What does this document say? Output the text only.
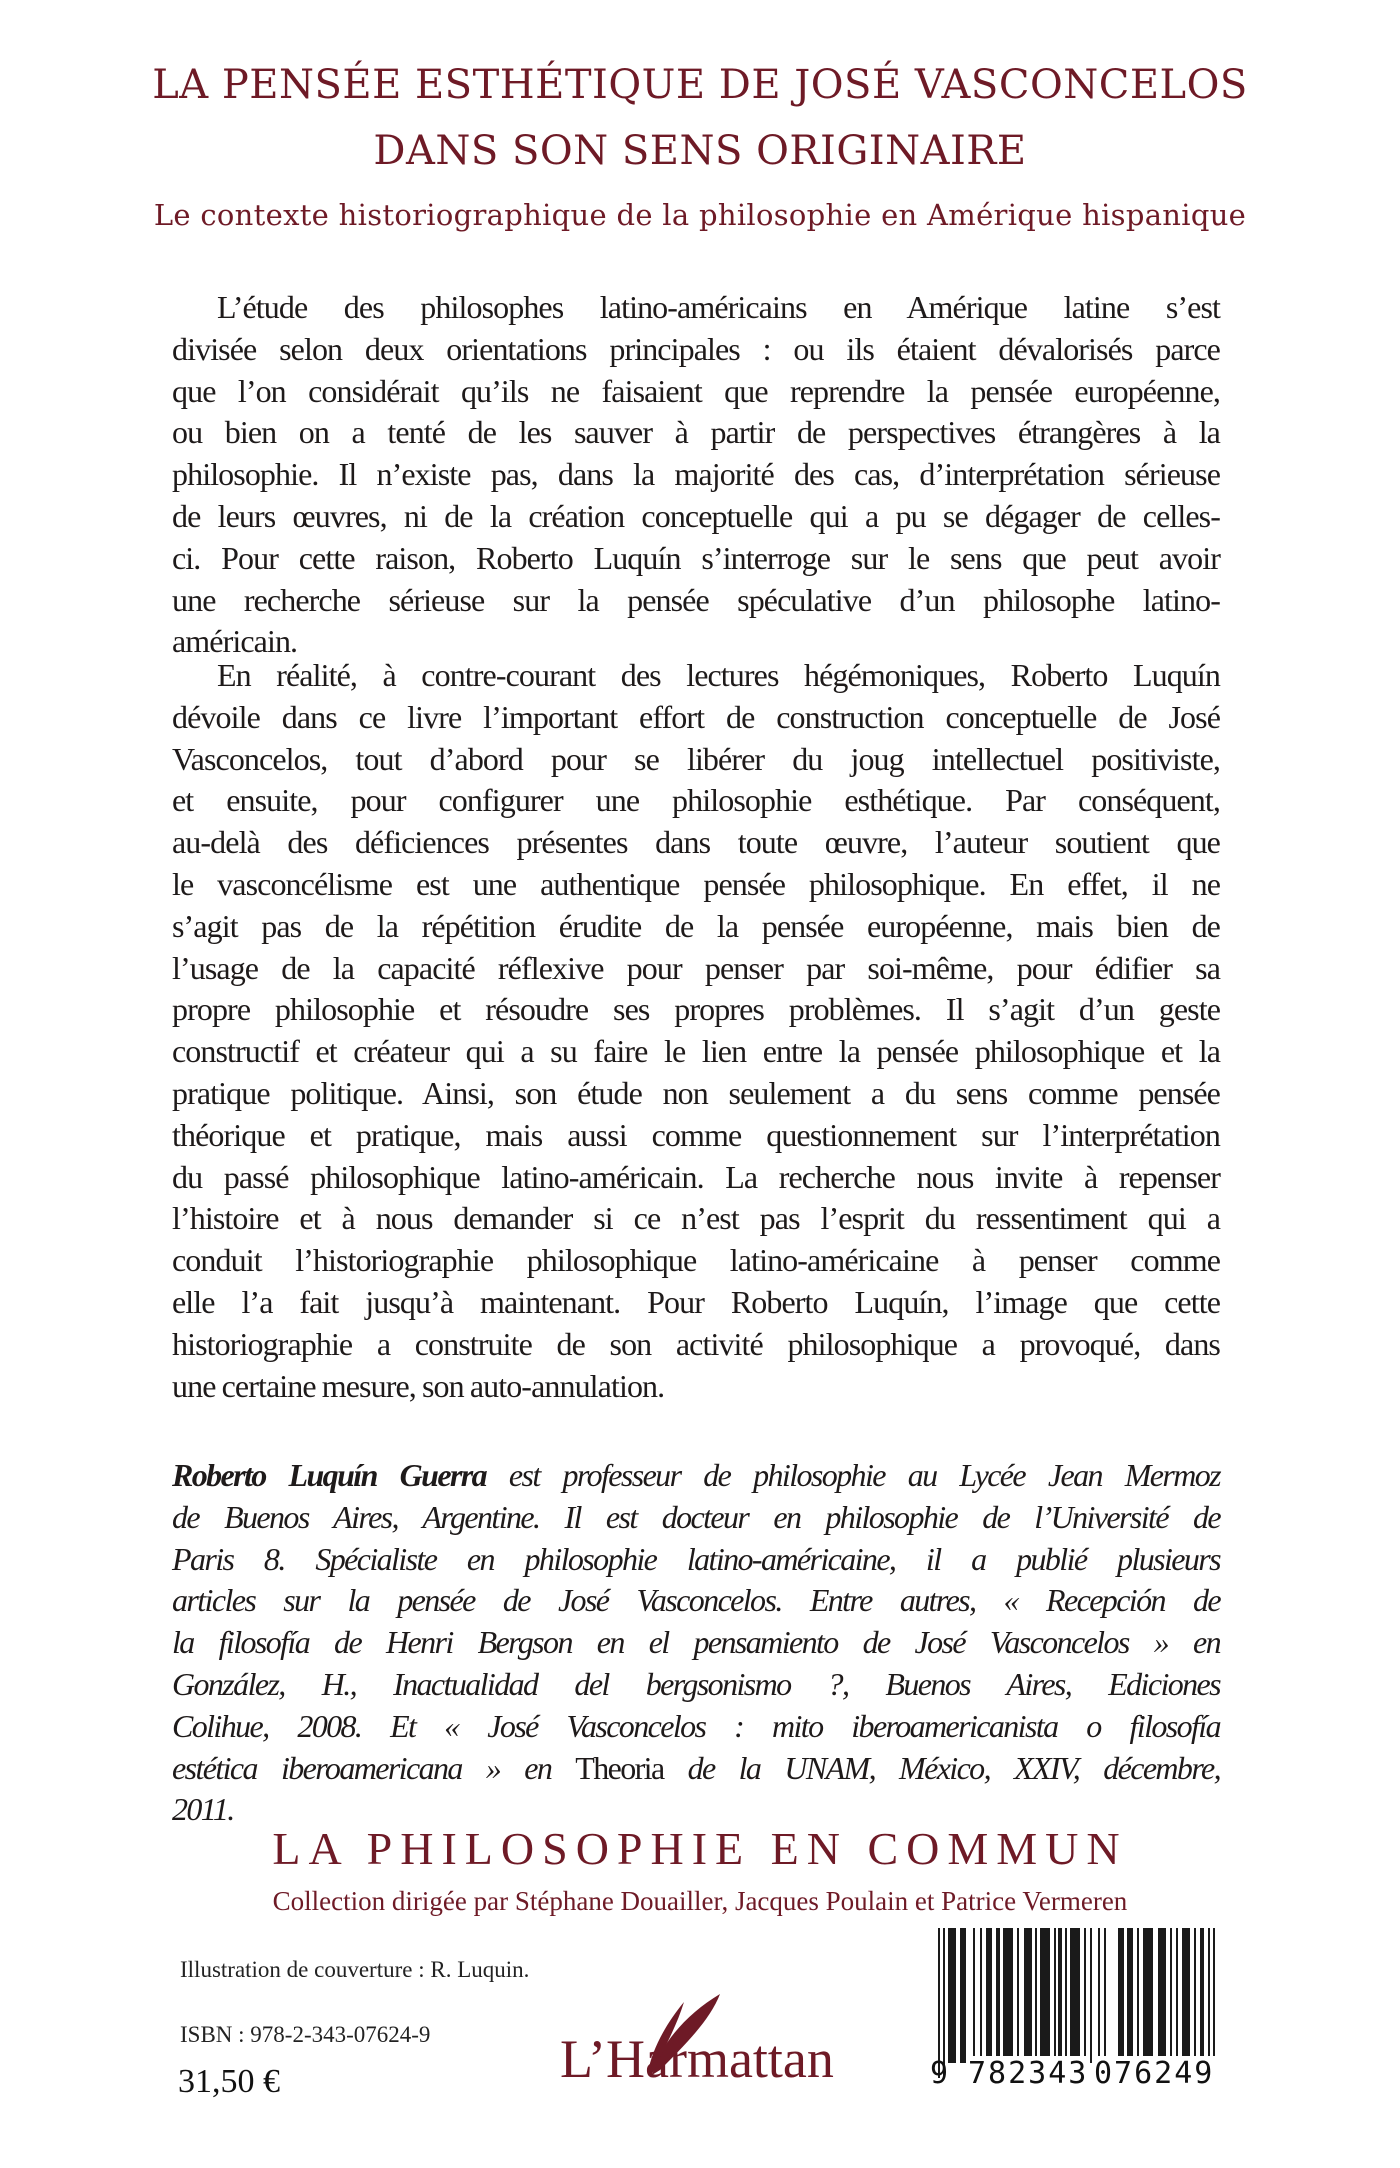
LA PENSÉE ESTHÉTIQUE DE JOSÉ VASCONCELOS
DANS SON SENS ORIGINAIRE
Le contexte historiographique de la philosophie en Amérique hispanique
L’étude des philosophes latino-américains en Amérique latine s’est
divisée selon deux orientations principales : ou ils étaient dévalorisés parce
que l’on considérait qu’ils ne faisaient que reprendre la pensée européenne,
ou bien on a tenté de les sauver à partir de perspectives étrangères à la
philosophie. Il n’existe pas, dans la majorité des cas, d’interprétation sérieuse
de leurs œuvres, ni de la création conceptuelle qui a pu se dégager de celles-
ci. Pour cette raison, Roberto Luquín s’interroge sur le sens que peut avoir
une recherche sérieuse sur la pensée spéculative d’un philosophe latino-
américain.
En réalité, à contre-courant des lectures hégémoniques, Roberto Luquín
dévoile dans ce livre l’important effort de construction conceptuelle de José
Vasconcelos, tout d’abord pour se libérer du joug intellectuel positiviste,
et ensuite, pour configurer une philosophie esthétique. Par conséquent,
au-delà des déficiences présentes dans toute œuvre, l’auteur soutient que
le vasconcélisme est une authentique pensée philosophique. En effet, il ne
s’agit pas de la répétition érudite de la pensée européenne, mais bien de
l’usage de la capacité réflexive pour penser par soi-même, pour édifier sa
propre philosophie et résoudre ses propres problèmes. Il s’agit d’un geste
constructif et créateur qui a su faire le lien entre la pensée philosophique et la
pratique politique. Ainsi, son étude non seulement a du sens comme pensée
théorique et pratique, mais aussi comme questionnement sur l’interprétation
du passé philosophique latino-américain. La recherche nous invite à repenser
l’histoire et à nous demander si ce n’est pas l’esprit du ressentiment qui a
conduit l’historiographie philosophique latino-américaine à penser comme
elle l’a fait jusqu’à maintenant. Pour Roberto Luquín, l’image que cette
historiographie a construite de son activité philosophique a provoqué, dans
une certaine mesure, son auto-annulation.
Roberto Luquín Guerra est professeur de philosophie au Lycée Jean Mermoz
de Buenos Aires, Argentine. Il est docteur en philosophie de l’Université de
Paris 8. Spécialiste en philosophie latino-américaine, il a publié plusieurs
articles sur la pensée de José Vasconcelos. Entre autres, « Recepción de
la filosofía de Henri Bergson en el pensamiento de José Vasconcelos » en
González, H., Inactualidad del bergsonismo ?, Buenos Aires, Ediciones
Colihue, 2008. Et « José Vasconcelos : mito iberoamericanista o filosofía
estética iberoamericana » en Theoria de la UNAM, México, XXIV, décembre,
2011.
LA PHILOSOPHIE EN COMMUN
Collection dirigée par Stéphane Douailler, Jacques Poulain et Patrice Vermeren
Illustration de couverture : R. Luquin.
ISBN : 978-2-343-07624-9
31,50 €	L’Harmattan	9 782343 076249
